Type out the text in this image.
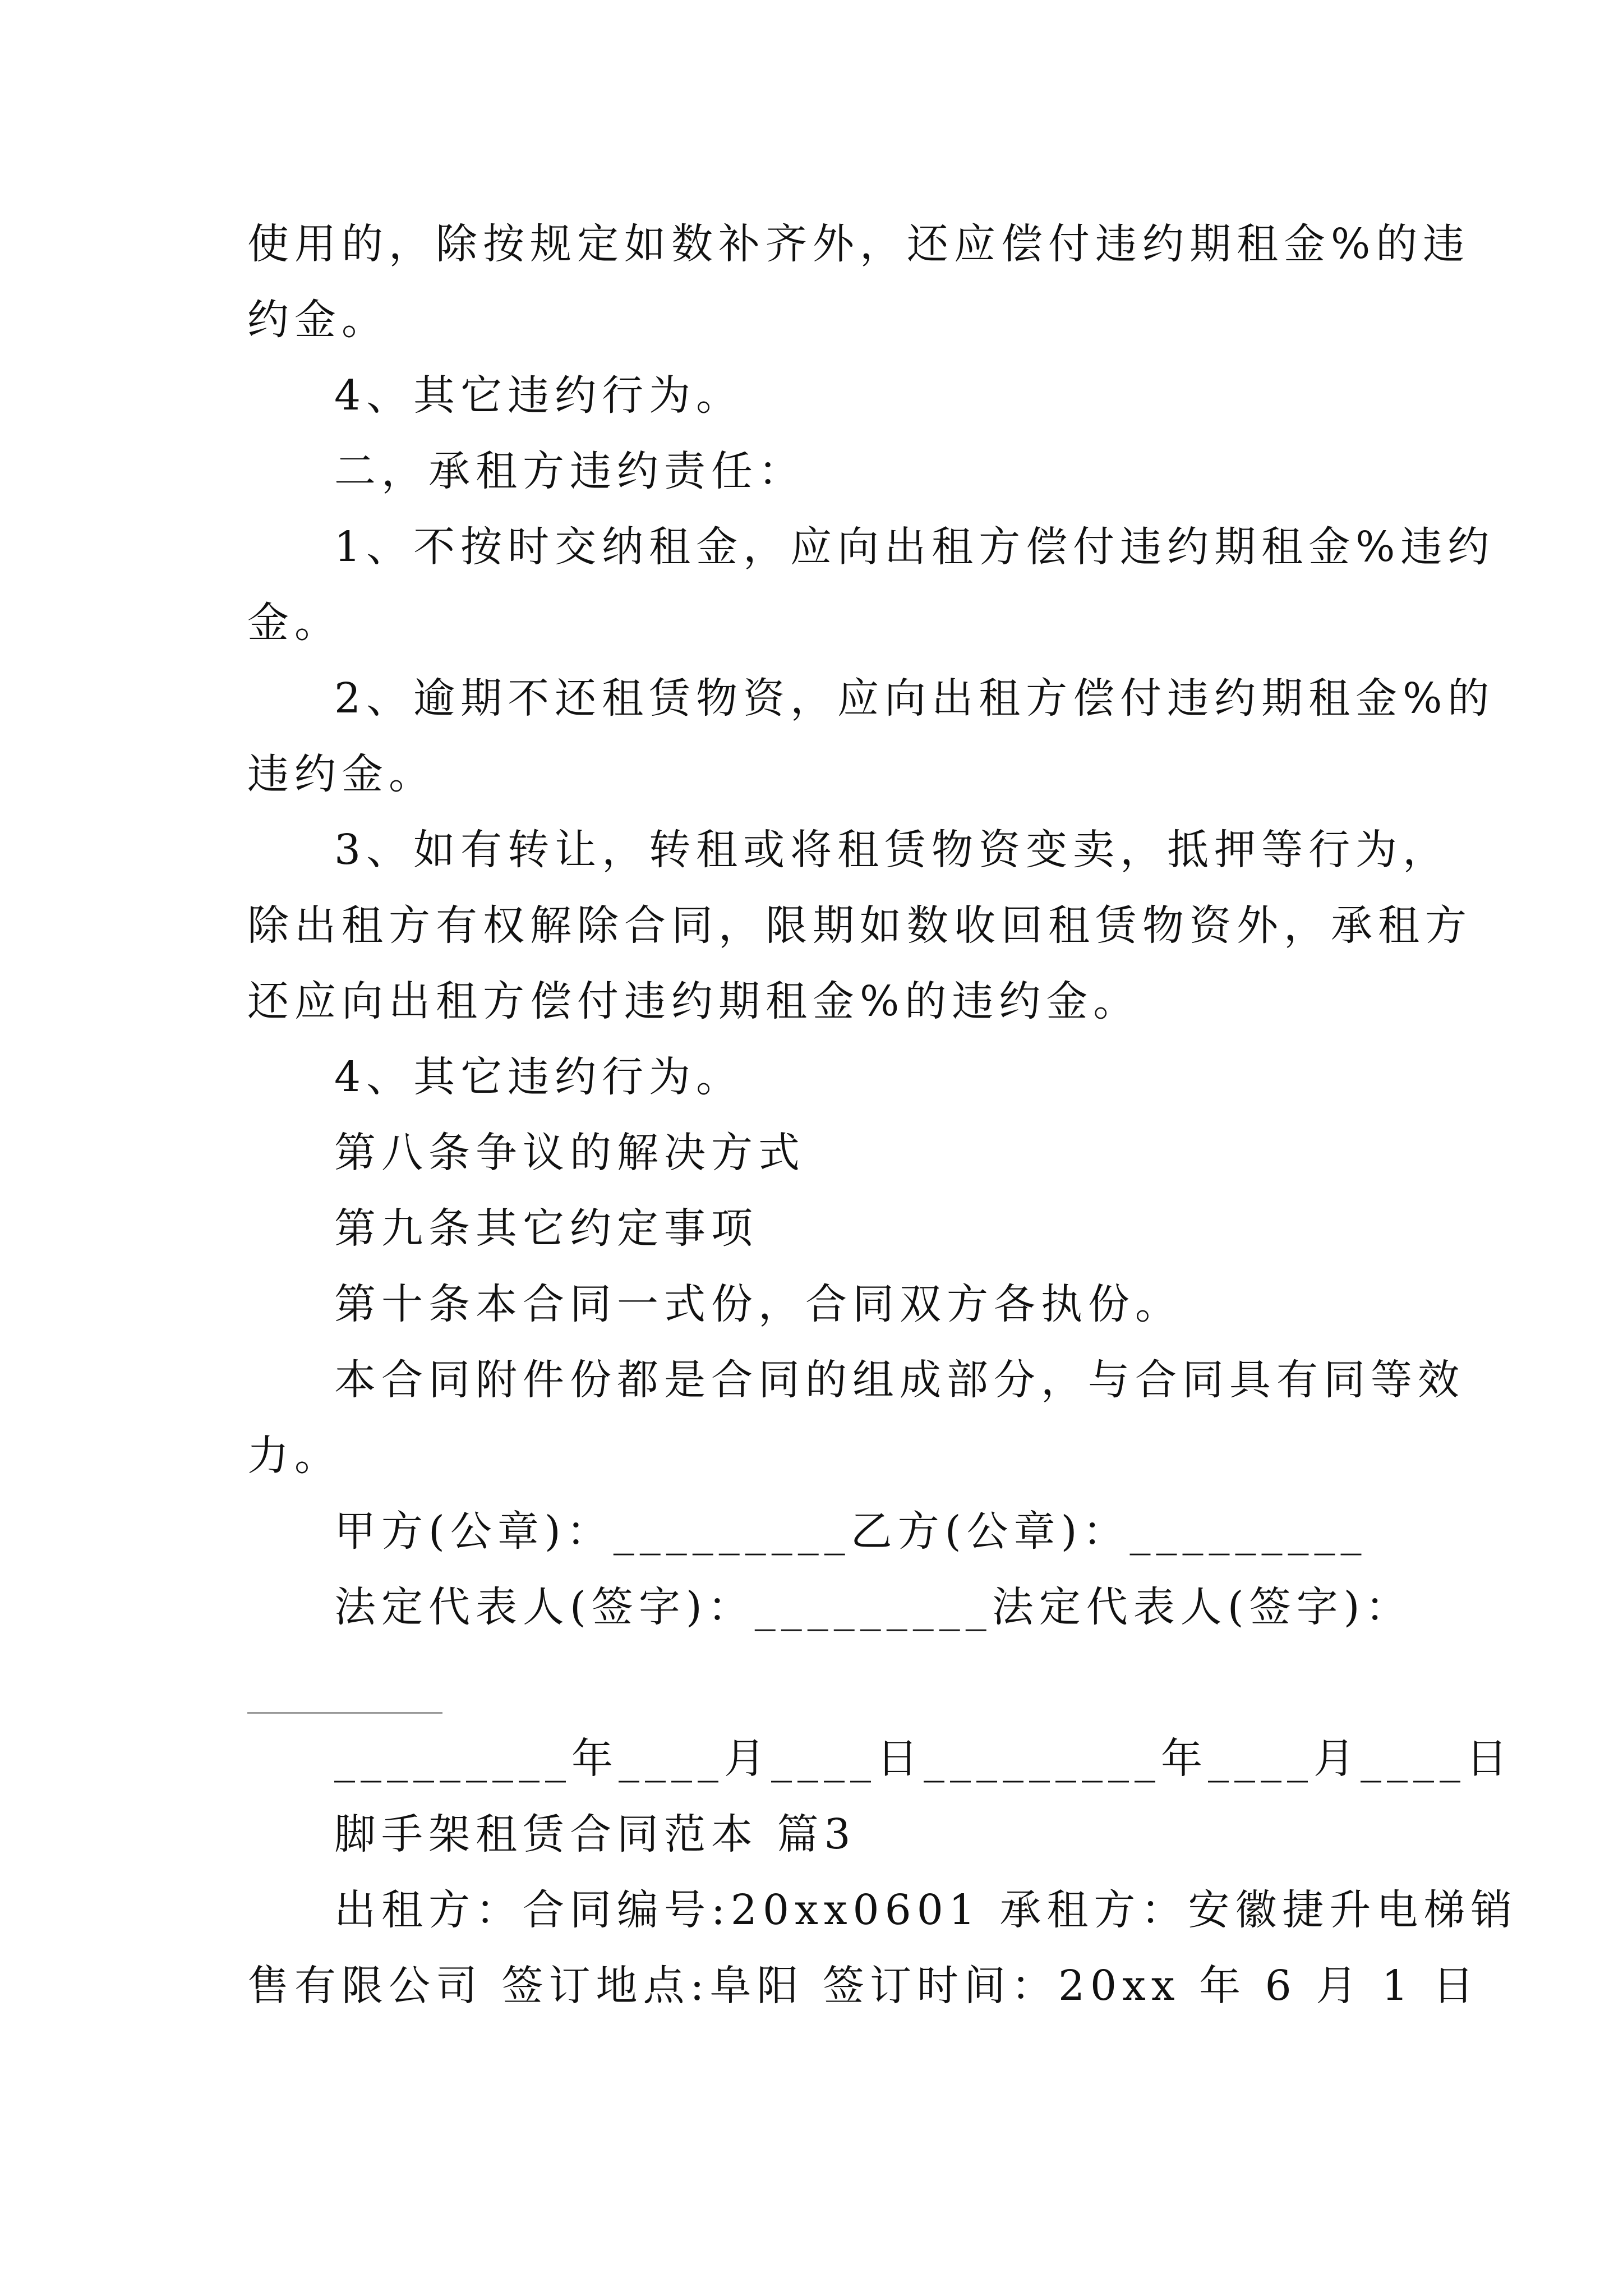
使用的，除按规定如数补齐外，还应偿付违约期租金%的违
约金。
4、其它违约行为。
二，承租方违约责任：
1、不按时交纳租金，应向出租方偿付违约期租金%违约
金。
2、逾期不还租赁物资，应向出租方偿付违约期租金%的
违约金。
3、如有转让，转租或将租赁物资变卖，抵押等行为，
除出租方有权解除合同，限期如数收回租赁物资外，承租方
还应向出租方偿付违约期租金%的违约金。
4、其它违约行为。
第八条争议的解决方式
第九条其它约定事项
第十条本合同一式份，合同双方各执份。
本合同附件份都是合同的组成部分，与合同具有同等效
力。
甲方(公章)：_________乙方(公章)：_________
法定代表人(签字)：_________法定代表人(签字)：
_________年____月____日_________年____月____日
脚手架租赁合同范本 篇3
出租方：合同编号:20xx0601 承租方：安徽捷升电梯销
售有限公司 签订地点:阜阳 签订时间：20xx 年 6 月 1 日
